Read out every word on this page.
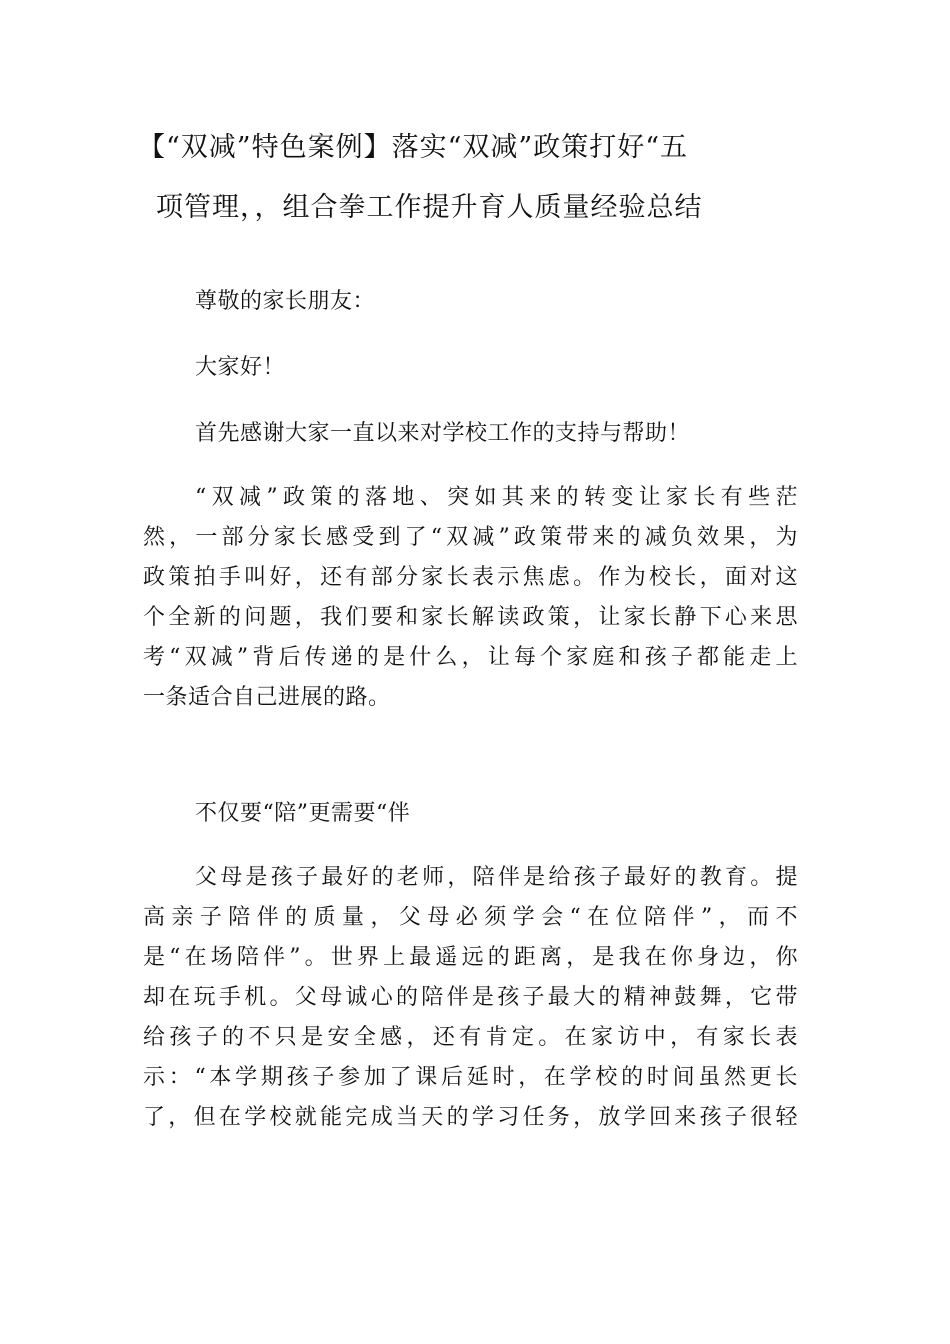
【“双减”特色案例】落实“双减”政策打好“五
项管理，，组合拳工作提升育人质量经验总结

尊敬的家长朋友：

大家好！

首先感谢大家一直以来对学校工作的支持与帮助！

“双减”政策的落地、突如其来的转变让家长有些茫
然，一部分家长感受到了“双减”政策带来的减负效果，为
政策拍手叫好，还有部分家长表示焦虑。作为校长，面对这
个全新的问题，我们要和家长解读政策，让家长静下心来思
考“双减”背后传递的是什么，让每个家庭和孩子都能走上
一条适合自己进展的路。

不仅要“陪”更需要“伴

父母是孩子最好的老师，陪伴是给孩子最好的教育。提
高亲子陪伴的质量，父母必须学会“在位陪伴”，而不
是“在场陪伴”。世界上最遥远的距离，是我在你身边，你
却在玩手机。父母诚心的陪伴是孩子最大的精神鼓舞，它带
给孩子的不只是安全感，还有肯定。在家访中，有家长表
示：“本学期孩子参加了课后延时，在学校的时间虽然更长
了，但在学校就能完成当天的学习任务，放学回来孩子很轻
